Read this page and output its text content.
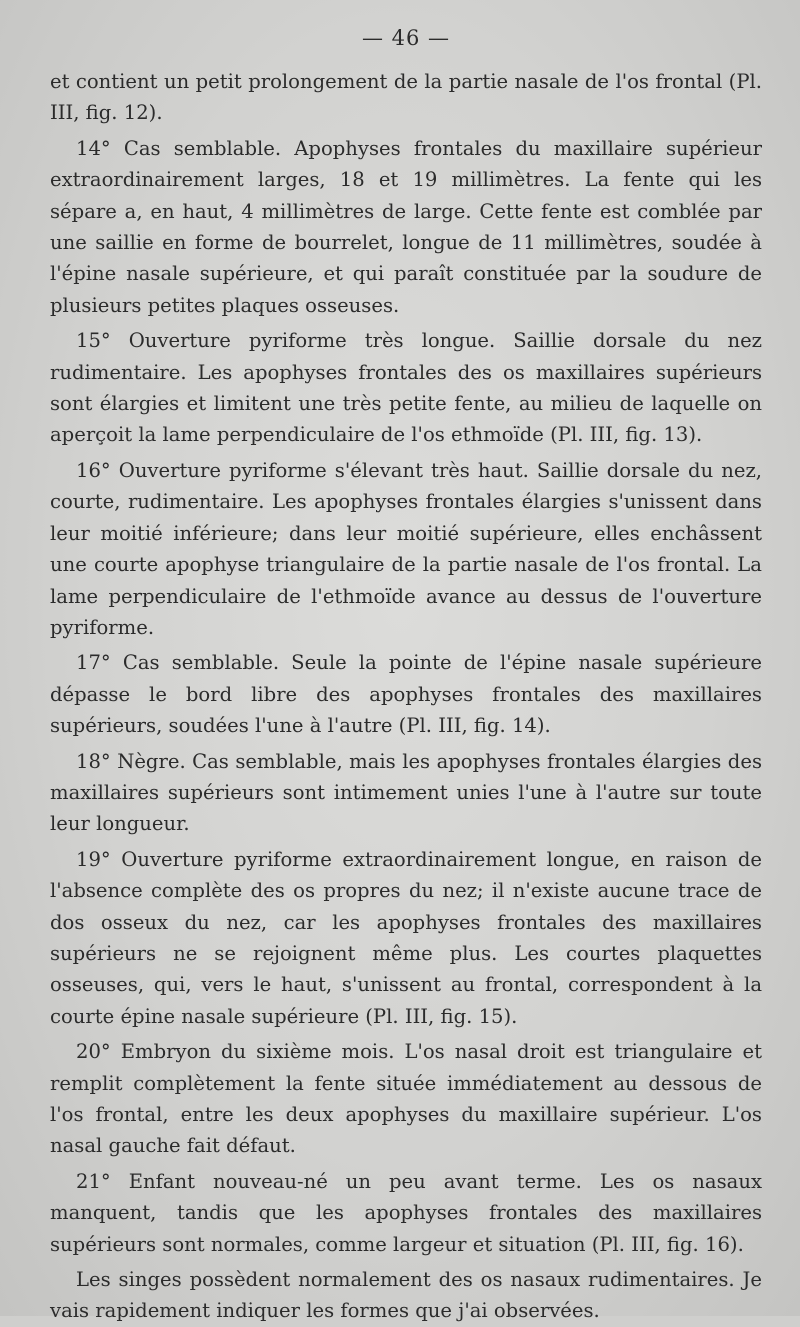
— 46 —

et contient un petit prolongement de la partie nasale de l'os frontal (Pl. III, fig. 12).

14° Cas semblable. Apophyses frontales du maxillaire supérieur extraordinairement larges, 18 et 19 millimètres. La fente qui les sépare a, en haut, 4 millimètres de large. Cette fente est comblée par une saillie en forme de bourrelet, longue de 11 millimètres, soudée à l'épine nasale supérieure, et qui paraît constituée par la soudure de plusieurs petites plaques osseuses.

15° Ouverture pyriforme très longue. Saillie dorsale du nez rudimentaire. Les apophyses frontales des os maxillaires supérieurs sont élargies et limitent une très petite fente, au milieu de laquelle on aperçoit la lame perpendiculaire de l'os ethmoïde (Pl. III, fig. 13).

16° Ouverture pyriforme s'élevant très haut. Saillie dorsale du nez, courte, rudimentaire. Les apophyses frontales élargies s'unissent dans leur moitié inférieure; dans leur moitié supérieure, elles enchâssent une courte apophyse triangulaire de la partie nasale de l'os frontal. La lame perpendiculaire de l'ethmoïde avance au dessus de l'ouverture pyriforme.

17° Cas semblable. Seule la pointe de l'épine nasale supérieure dépasse le bord libre des apophyses frontales des maxillaires supérieurs, soudées l'une à l'autre (Pl. III, fig. 14).

18° Nègre. Cas semblable, mais les apophyses frontales élargies des maxillaires supérieurs sont intimement unies l'une à l'autre sur toute leur longueur.

19° Ouverture pyriforme extraordinairement longue, en raison de l'absence complète des os propres du nez; il n'existe aucune trace de dos osseux du nez, car les apophyses frontales des maxillaires supérieurs ne se rejoignent même plus. Les courtes plaquettes osseuses, qui, vers le haut, s'unissent au frontal, correspondent à la courte épine nasale supérieure (Pl. III, fig. 15).

20° Embryon du sixième mois. L'os nasal droit est triangulaire et remplit complètement la fente située immédiatement au dessous de l'os frontal, entre les deux apophyses du maxillaire supérieur. L'os nasal gauche fait défaut.

21° Enfant nouveau-né un peu avant terme. Les os nasaux manquent, tandis que les apophyses frontales des maxillaires supérieurs sont normales, comme largeur et situation (Pl. III, fig. 16).

Les singes possèdent normalement des os nasaux rudimentaires. Je vais rapidement indiquer les formes que j'ai observées.
